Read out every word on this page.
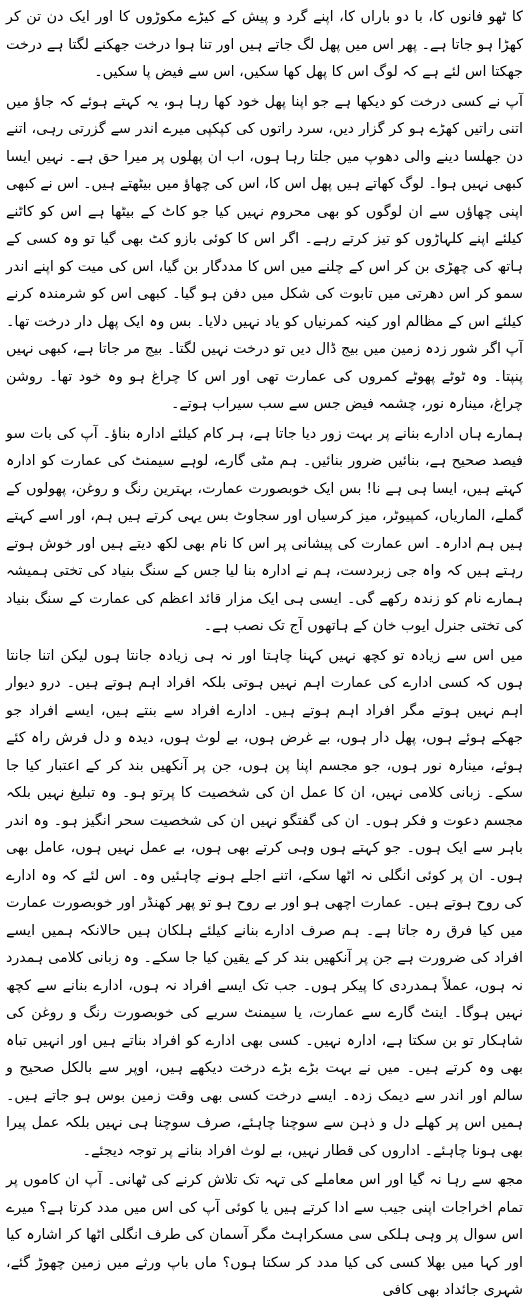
کا ٹھو فانوں کا، با دو باراں کا، اپنے گرد و پیش کے کیڑے مکوڑوں کا اور ایک دن تن کر کھڑا ہو جاتا ہے۔ پھر اس میں پھل لگ جاتے ہیں اور تنا ہوا درخت جھکنے لگتا ہے درخت جھکتا اس لئے ہے کہ لوگ اس کا پھل کھا سکیں، اس سے فیض پا سکیں۔

آپ نے کسی درخت کو دیکھا ہے جو اپنا پھل خود کھا رہا ہو، یہ کہتے ہوئے کہ جاؤ میں اتنی راتیں کھڑے ہو کر گزار دیں، سرد راتوں کی کپکپی میرے اندر سے گزرتی رہی، اتنے دن جھلسا دینے والی دھوپ میں جلتا رہا ہوں، اب ان پھلوں پر میرا حق ہے۔ نہیں ایسا کبھی نہیں ہوا۔ لوگ کھاتے ہیں پھل اس کا، اس کی چھاؤ میں بیٹھتے ہیں۔ اس نے کبھی اپنی چھاؤں سے ان لوگوں کو بھی محروم نہیں کیا جو کاٹ کے بیٹھا ہے اس کو کاٹنے کیلئے اپنے کلہاڑوں کو تیز کرتے رہے۔ اگر اس کا کوئی بازو کٹ بھی گیا تو وہ کسی کے ہاتھ کی چھڑی بن کر اس کے چلنے میں اس کا مددگار بن گیا، اس کی میت کو اپنے اندر سمو کر اس دھرتی میں تابوت کی شکل میں دفن ہو گیا۔ کبھی اس کو شرمندہ کرنے کیلئے اس کے مظالم اور کینہ کمرنیاں کو یاد نہیں دلایا۔ بس وہ ایک پھل دار درخت تھا۔ آپ اگر شور زدہ زمین میں بیج ڈال دیں تو درخت نہیں لگتا۔ بیج مر جاتا ہے، کبھی نہیں پنپتا۔ وہ ٹوٹے پھوٹے کمروں کی عمارت تھی اور اس کا چراغ ہو وہ خود تھا۔ روشن چراغ، مینارہ نور، چشمہ فیض جس سے سب سیراب ہوتے۔

ہمارے ہاں ادارے بنانے پر بہت زور دیا جاتا ہے، ہر کام کیلئے ادارہ بناؤ۔ آپ کی بات سو فیصد صحیح ہے، بنائیں ضرور بنائیں۔ ہم مٹی گارے، لوہے سیمنٹ کی عمارت کو ادارہ کہتے ہیں، ایسا ہی ہے نا! بس ایک خوبصورت عمارت، بہترین رنگ و روغن، پھولوں کے گملے، الماریاں، کمپیوٹر، میز کرسیاں اور سجاوٹ بس یہی کرتے ہیں ہم، اور اسے کہتے ہیں ہم ادارہ۔ اس عمارت کی پیشانی پر اس کا نام بھی لکھ دیتے ہیں اور خوش ہوتے رہتے ہیں کہ واہ جی زبردست، ہم نے ادارہ بنا لیا جس کے سنگ بنیاد کی تختی ہمیشہ ہمارے نام کو زندہ رکھے گی۔ ایسی ہی ایک مزار قائد اعظم کی عمارت کے سنگ بنیاد کی تختی جنرل ایوب خان کے ہاتھوں آج تک نصب ہے۔

میں اس سے زیادہ تو کچھ نہیں کہنا چاہتا اور نہ ہی زیادہ جانتا ہوں لیکن اتنا جانتا ہوں کہ کسی ادارے کی عمارت اہم نہیں ہوتی بلکہ افراد اہم ہوتے ہیں۔ درو دیوار اہم نہیں ہوتے مگر افراد اہم ہوتے ہیں۔ ادارے افراد سے بنتے ہیں، ایسے افراد جو جھکے ہوئے ہوں، پھل دار ہوں، بے غرض ہوں، بے لوث ہوں، دیدہ و دل فرش راہ کئے ہوئے، مینارہ نور ہوں، جو مجسم اپنا پن ہوں، جن پر آنکھیں بند کر کے اعتبار کیا جا سکے۔ زبانی کلامی نہیں، ان کا عمل ان کی شخصیت کا پرتو ہو۔ وہ تبلیغ نہیں بلکہ مجسم دعوت و فکر ہوں۔ ان کی گفتگو نہیں ان کی شخصیت سحر انگیز ہو۔ وہ اندر باہر سے ایک ہوں۔ جو کہتے ہوں وہی کرتے بھی ہوں، بے عمل نہیں ہوں، عامل بھی ہوں۔ ان پر کوئی انگلی نہ اٹھا سکے، اتنے اجلے ہونے چاہئیں وہ۔ اس لئے کہ وہ ادارے کی روح ہوتے ہیں۔ عمارت اچھی ہو اور بے روح ہو تو پھر کھنڈر اور خوبصورت عمارت میں کیا فرق رہ جاتا ہے۔ ہم صرف ادارے بنانے کیلئے ہلکان ہیں حالانکہ ہمیں ایسے افراد کی ضرورت ہے جن پر آنکھیں بند کر کے یقین کیا جا سکے۔ وہ زبانی کلامی ہمدرد نہ ہوں، عملاً ہمدردی کا پیکر ہوں۔ جب تک ایسے افراد نہ ہوں، ادارے بنانے سے کچھ نہیں ہوگا۔ اینٹ گارے سے عمارت، یا سیمنٹ سریے کی خوبصورت رنگ و روغن کی شاہکار تو بن سکتا ہے، ادارہ نہیں۔ کسی بھی ادارے کو افراد بناتے ہیں اور انہیں تباہ بھی وہ کرتے ہیں۔ میں نے بہت بڑے بڑے درخت دیکھے ہیں، اوپر سے بالکل صحیح و سالم اور اندر سے دیمک زدہ۔ ایسے درخت کسی بھی وقت زمین بوس ہو جاتے ہیں۔ ہمیں اس پر کھلے دل و ذہن سے سوچنا چاہئے، صرف سوچنا ہی نہیں بلکہ عمل پیرا بھی ہونا چاہئے۔ اداروں کی قطار نہیں، بے لوث افراد بنانے پر توجہ دیجئے۔

مجھ سے رہا نہ گیا اور اس معاملے کی تہہ تک تلاش کرنے کی ٹھانی۔ آپ ان کاموں پر تمام اخراجات اپنی جیب سے ادا کرتے ہیں یا کوئی آپ کی اس میں مدد کرتا ہے؟ میرے اس سوال پر وہی ہلکی سی مسکراہٹ مگر آسمان کی طرف انگلی اٹھا کر اشارہ کیا اور کہا میں بھلا کسی کی کیا مدد کر سکتا ہوں؟ ماں باپ ورثے میں زمین چھوڑ گئے، شہری جائداد بھی کافی
